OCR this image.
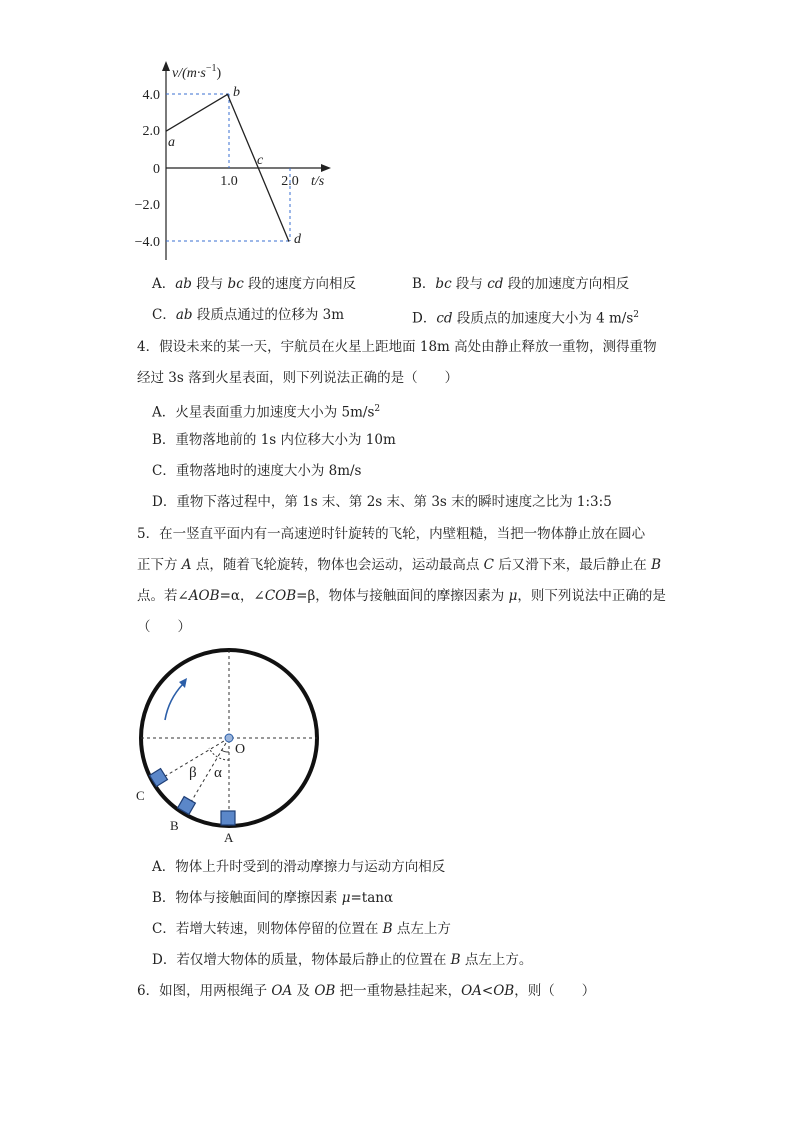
4.0
2.0
0
−2.0
−4.0
1.0	2.0 t/s
$v/(m\cdot s^{-1})$
a
b
c
d
A．ab 段与 bc 段的速度方向相反	B．bc 段与 cd 段的加速度方向相反
C．ab 段质点通过的位移为 3m	D．cd 段质点的加速度大小为 4 $m/s^2$
4．假设未来的某一天，宇航员在火星上距地面 18m 高处由静止释放一重物，测得重物
经过 3s 落到火星表面，则下列说法正确的是（　　）
A．火星表面重力加速度大小为 $5m/s^2$
B．重物落地前的 1s 内位移大小为 10m
C．重物落地时的速度大小为 8m/s
D．重物下落过程中，第 1s 末、第 2s 末、第 3s 末的瞬时速度之比为 1:3:5
5．在一竖直平面内有一高速逆时针旋转的飞轮，内壁粗糙，当把一物体静止放在圆心
正下方 A 点，随着飞轮旋转，物体也会运动，运动最高点 C 后又滑下来，最后静止在 B
点。若∠AOB=α，∠COB=β，物体与接触面间的摩擦因素为 μ，则下列说法中正确的是
（　　）
O
A
B
C
α
β
A．物体上升时受到的滑动摩擦力与运动方向相反
B．物体与接触面间的摩擦因素 μ=tanα
C．若增大转速，则物体停留的位置在 B 点左上方
D．若仅增大物体的质量，物体最后静止的位置在 B 点左上方。
6．如图，用两根绳子 OA 及 OB 把一重物悬挂起来，OA<OB，则（　　）
